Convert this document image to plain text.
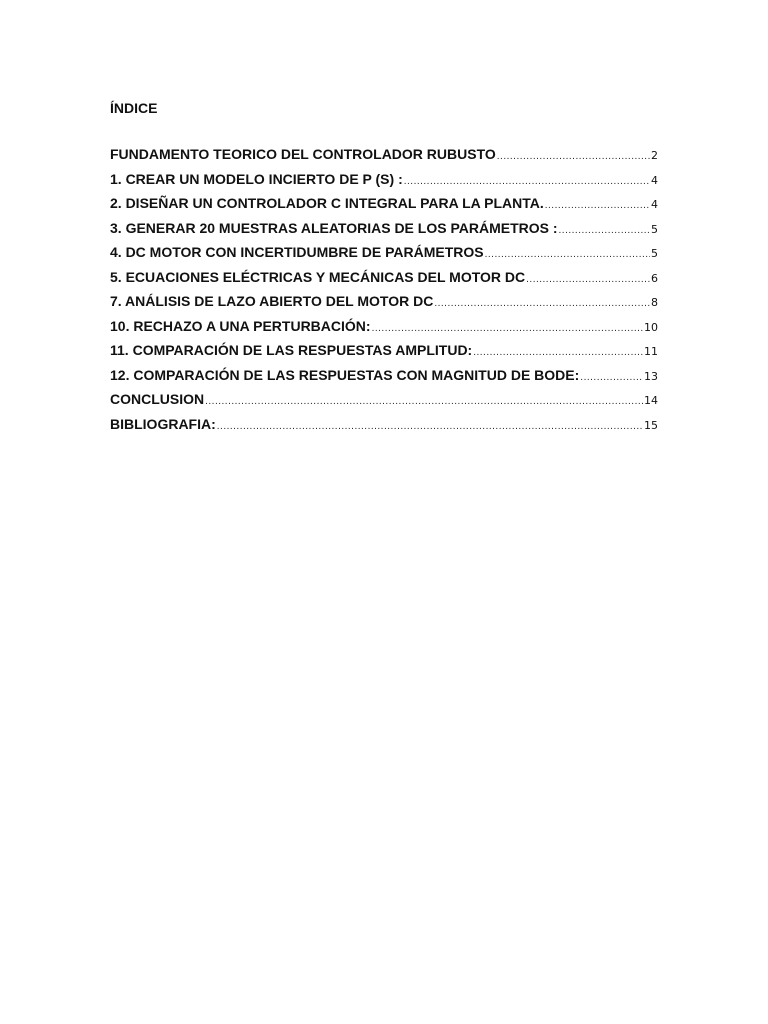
ÍNDICE
FUNDAMENTO TEORICO DEL CONTROLADOR RUBUSTO .....	2
1. CREAR UN MODELO INCIERTO DE P (S) : .....	4
2. DISEÑAR UN CONTROLADOR C INTEGRAL PARA LA PLANTA. .....	4
3. GENERAR 20 MUESTRAS ALEATORIAS DE LOS PARÁMETROS : .....	5
4. DC MOTOR CON INCERTIDUMBRE DE PARÁMETROS .....	5
5. ECUACIONES ELÉCTRICAS Y MECÁNICAS DEL MOTOR DC .....	6
7. ANÁLISIS DE LAZO ABIERTO DEL MOTOR DC .....	8
10. RECHAZO A UNA PERTURBACIÓN: .....	10
11. COMPARACIÓN DE LAS RESPUESTAS AMPLITUD: .....	11
12. COMPARACIÓN DE LAS RESPUESTAS CON MAGNITUD DE BODE: .....	13
CONCLUSION .....	14
BIBLIOGRAFIA: .....	15
